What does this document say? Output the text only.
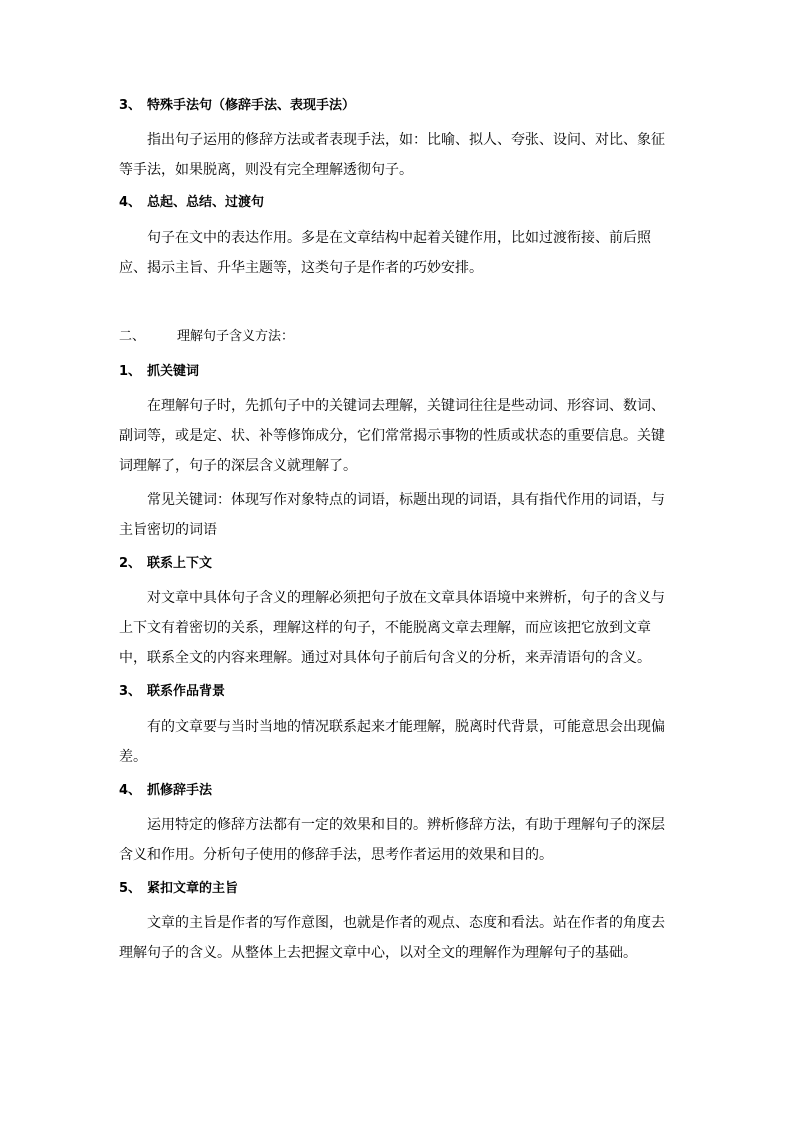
3、 特殊手法句（修辞手法、表现手法）
指出句子运用的修辞方法或者表现手法，如：比喻、拟人、夸张、设问、对比、象征
等手法，如果脱离，则没有完全理解透彻句子。
4、 总起、总结、过渡句
句子在文中的表达作用。多是在文章结构中起着关键作用，比如过渡衔接、前后照
应、揭示主旨、升华主题等，这类句子是作者的巧妙安排。
二、 理解句子含义方法：
1、 抓关键词
在理解句子时，先抓句子中的关键词去理解，关键词往往是些动词、形容词、数词、
副词等，或是定、状、补等修饰成分，它们常常揭示事物的性质或状态的重要信息。关键
词理解了，句子的深层含义就理解了。
常见关键词：体现写作对象特点的词语，标题出现的词语，具有指代作用的词语，与
主旨密切的词语
2、 联系上下文
对文章中具体句子含义的理解必须把句子放在文章具体语境中来辨析，句子的含义与
上下文有着密切的关系，理解这样的句子，不能脱离文章去理解，而应该把它放到文章
中，联系全文的内容来理解。通过对具体句子前后句含义的分析，来弄清语句的含义。
3、 联系作品背景
有的文章要与当时当地的情况联系起来才能理解，脱离时代背景，可能意思会出现偏
差。
4、 抓修辞手法
运用特定的修辞方法都有一定的效果和目的。辨析修辞方法，有助于理解句子的深层
含义和作用。分析句子使用的修辞手法，思考作者运用的效果和目的。
5、 紧扣文章的主旨
文章的主旨是作者的写作意图，也就是作者的观点、态度和看法。站在作者的角度去
理解句子的含义。从整体上去把握文章中心，以对全文的理解作为理解句子的基础。
